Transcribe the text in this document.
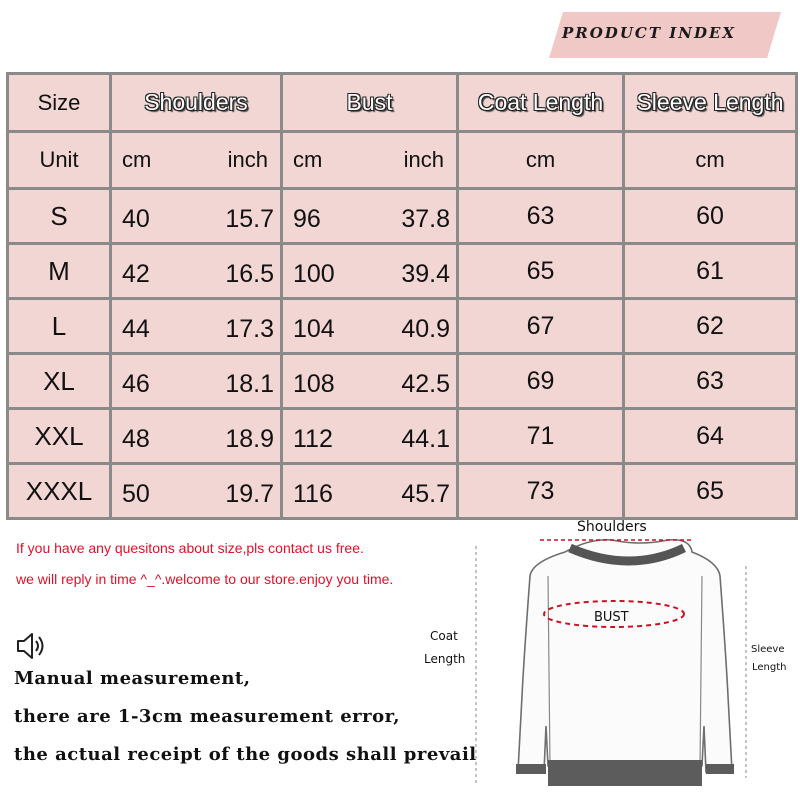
PRODUCT INDEX
Size	Shoulders	Bust	Coat Length	Sleeve Length
Unit	cm inch	cm inch	cm	cm
S	40 15.7	96 37.8	63	60
M	42 16.5	100 39.4	65	61
L	44 17.3	104 40.9	67	62
XL	46 18.1	108 42.5	69	63
XXL	48 18.9	112 44.1	71	64
XXXL	50 19.7	116 45.7	73	65
If you have any quesitons about size,pls contact us free.
we will reply in time ^_^.welcome to our store.enjoy you time.
Manual measurement,
there are 1-3cm measurement error,
the actual receipt of the goods shall prevail
Shoulders
BUST
Coat
Length
Sleeve
Length
